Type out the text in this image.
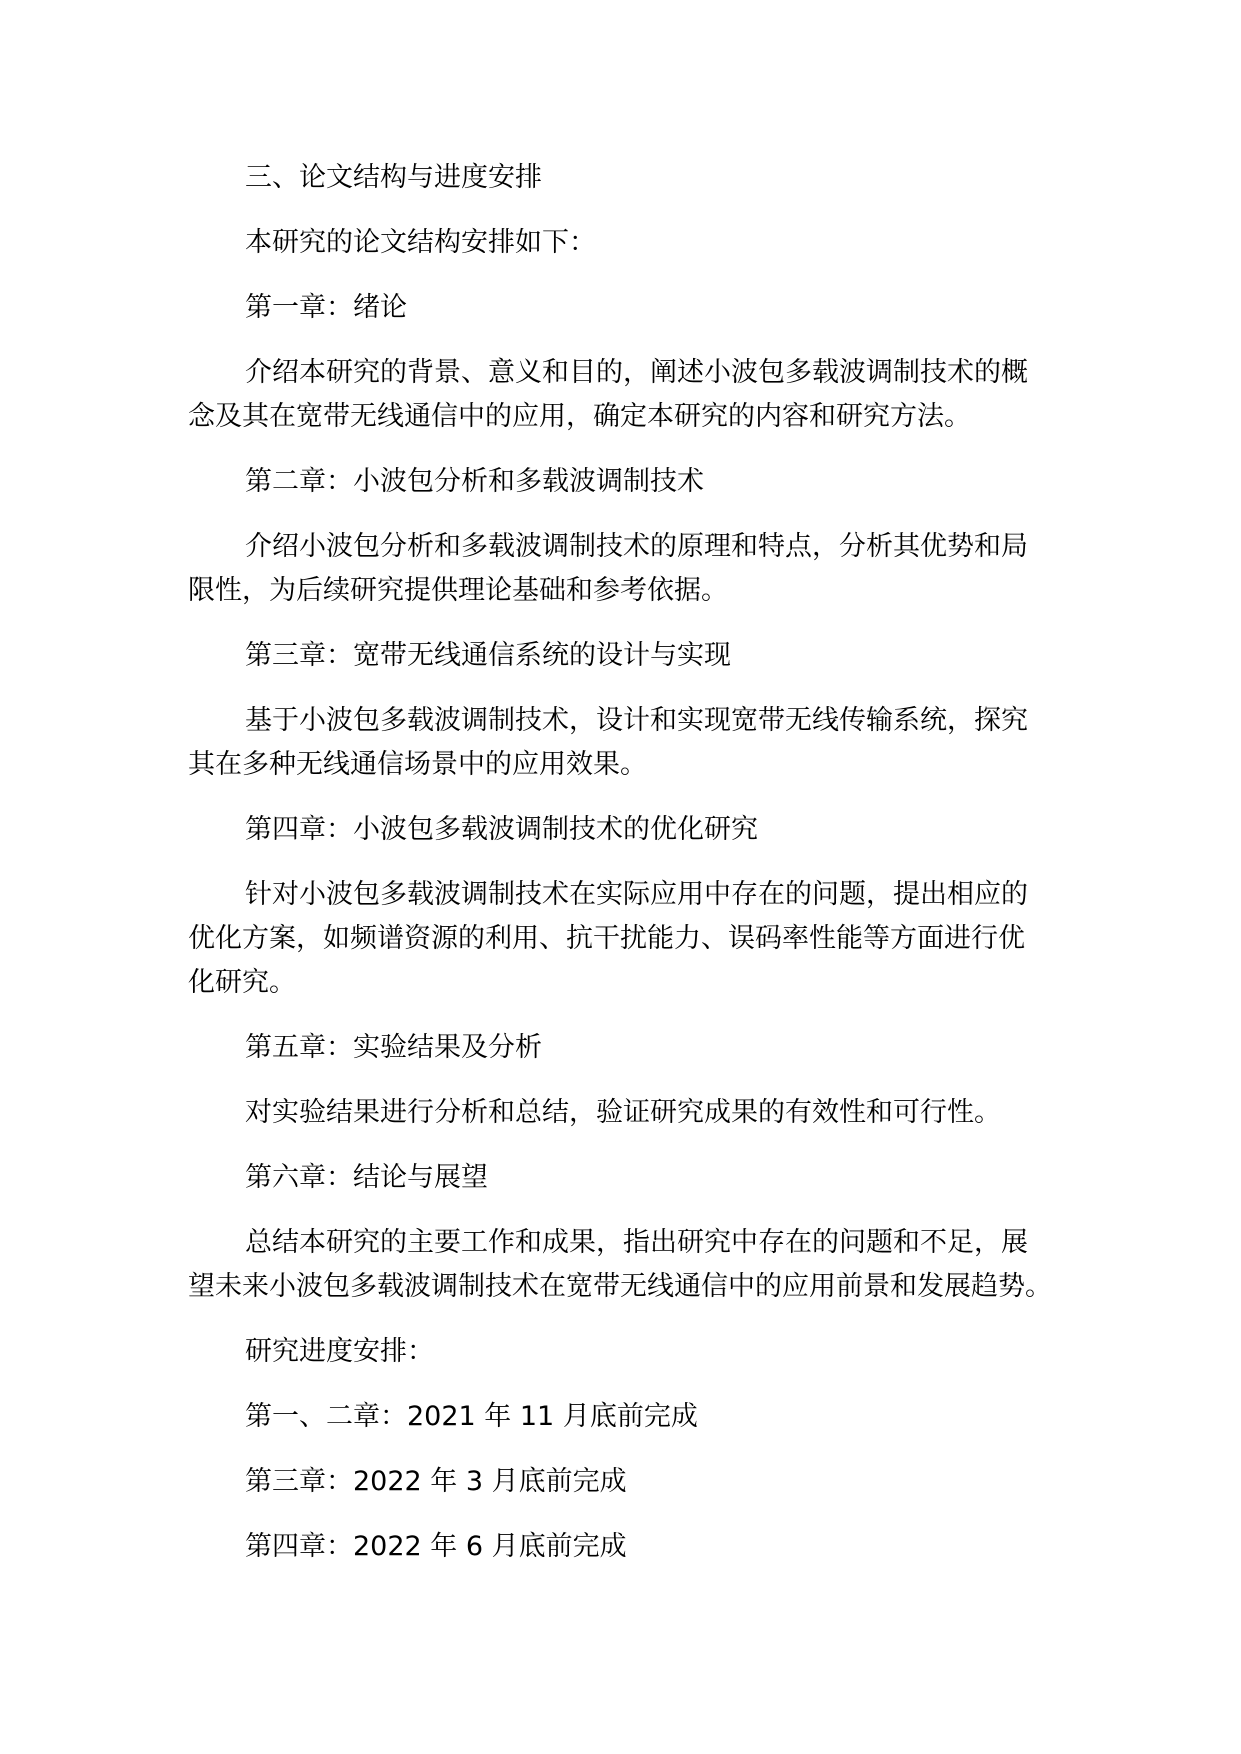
三、论文结构与进度安排

本研究的论文结构安排如下：

第一章：绪论

介绍本研究的背景、意义和目的，阐述小波包多载波调制技术的概

念及其在宽带无线通信中的应用，确定本研究的内容和研究方法。

第二章：小波包分析和多载波调制技术

介绍小波包分析和多载波调制技术的原理和特点，分析其优势和局

限性，为后续研究提供理论基础和参考依据。

第三章：宽带无线通信系统的设计与实现

基于小波包多载波调制技术，设计和实现宽带无线传输系统，探究

其在多种无线通信场景中的应用效果。

第四章：小波包多载波调制技术的优化研究

针对小波包多载波调制技术在实际应用中存在的问题，提出相应的

优化方案，如频谱资源的利用、抗干扰能力、误码率性能等方面进行优

化研究。

第五章：实验结果及分析

对实验结果进行分析和总结，验证研究成果的有效性和可行性。

第六章：结论与展望

总结本研究的主要工作和成果，指出研究中存在的问题和不足，展

望未来小波包多载波调制技术在宽带无线通信中的应用前景和发展趋势。

研究进度安排：

第一、二章：2021 年 11 月底前完成

第三章：2022 年 3 月底前完成

第四章：2022 年 6 月底前完成
